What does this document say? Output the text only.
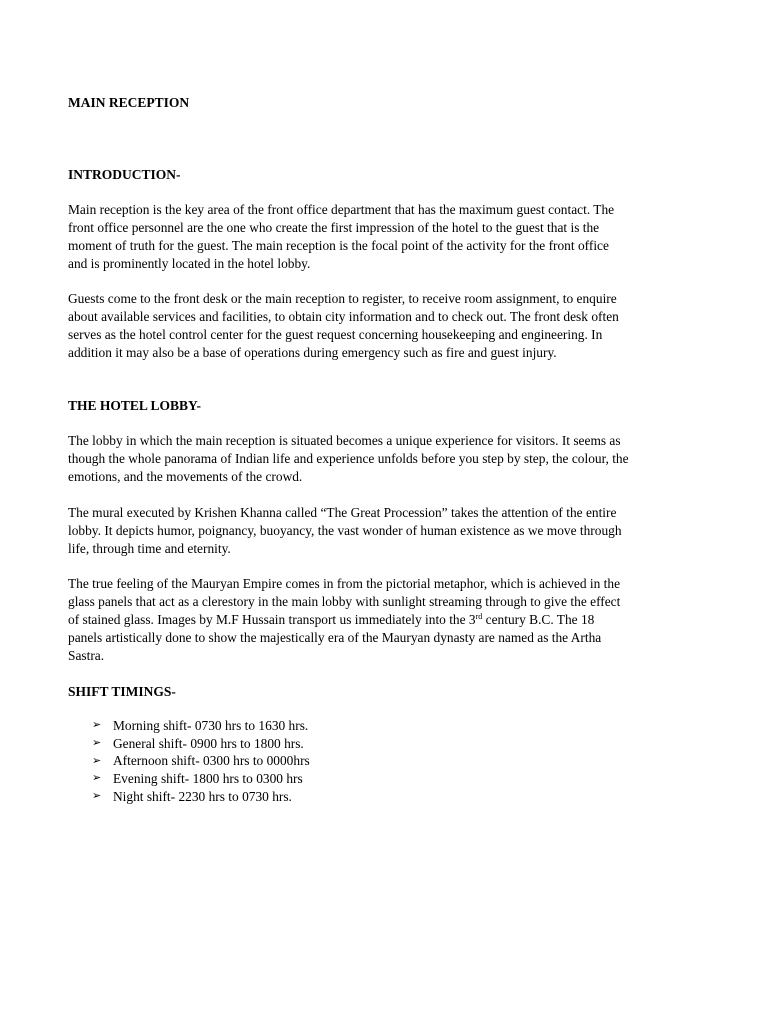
MAIN RECEPTION
INTRODUCTION-
Main reception is the key area of the front office department that has the maximum guest contact. The
front office personnel are the one who create the first impression of the hotel to the guest that is the
moment of truth for the guest. The main reception is the focal point of the activity for the front office
and is prominently located in the hotel lobby.
Guests come to the front desk or the main reception to register, to receive room assignment, to enquire
about available services and facilities, to obtain city information and to check out. The front desk often
serves as the hotel control center for the guest request concerning housekeeping and engineering. In
addition it may also be a base of operations during emergency such as fire and guest injury.
THE HOTEL LOBBY-
The lobby in which the main reception is situated becomes a unique experience for visitors. It seems as
though the whole panorama of Indian life and experience unfolds before you step by step, the colour, the
emotions, and the movements of the crowd.
The mural executed by Krishen Khanna called “The Great Procession” takes the attention of the entire
lobby. It depicts humor, poignancy, buoyancy, the vast wonder of human existence as we move through
life, through time and eternity.
The true feeling of the Mauryan Empire comes in from the pictorial metaphor, which is achieved in the
glass panels that act as a clerestory in the main lobby with sunlight streaming through to give the effect
of stained glass. Images by M.F Hussain transport us immediately into the 3rd century B.C. The 18
panels artistically done to show the majestically era of the Mauryan dynasty are named as the Artha
Sastra.
SHIFT TIMINGS-
➢ Morning shift- 0730 hrs to 1630 hrs.
➢ General shift- 0900 hrs to 1800 hrs.
➢ Afternoon shift- 0300 hrs to 0000hrs
➢ Evening shift- 1800 hrs to 0300 hrs
➢ Night shift- 2230 hrs to 0730 hrs.
